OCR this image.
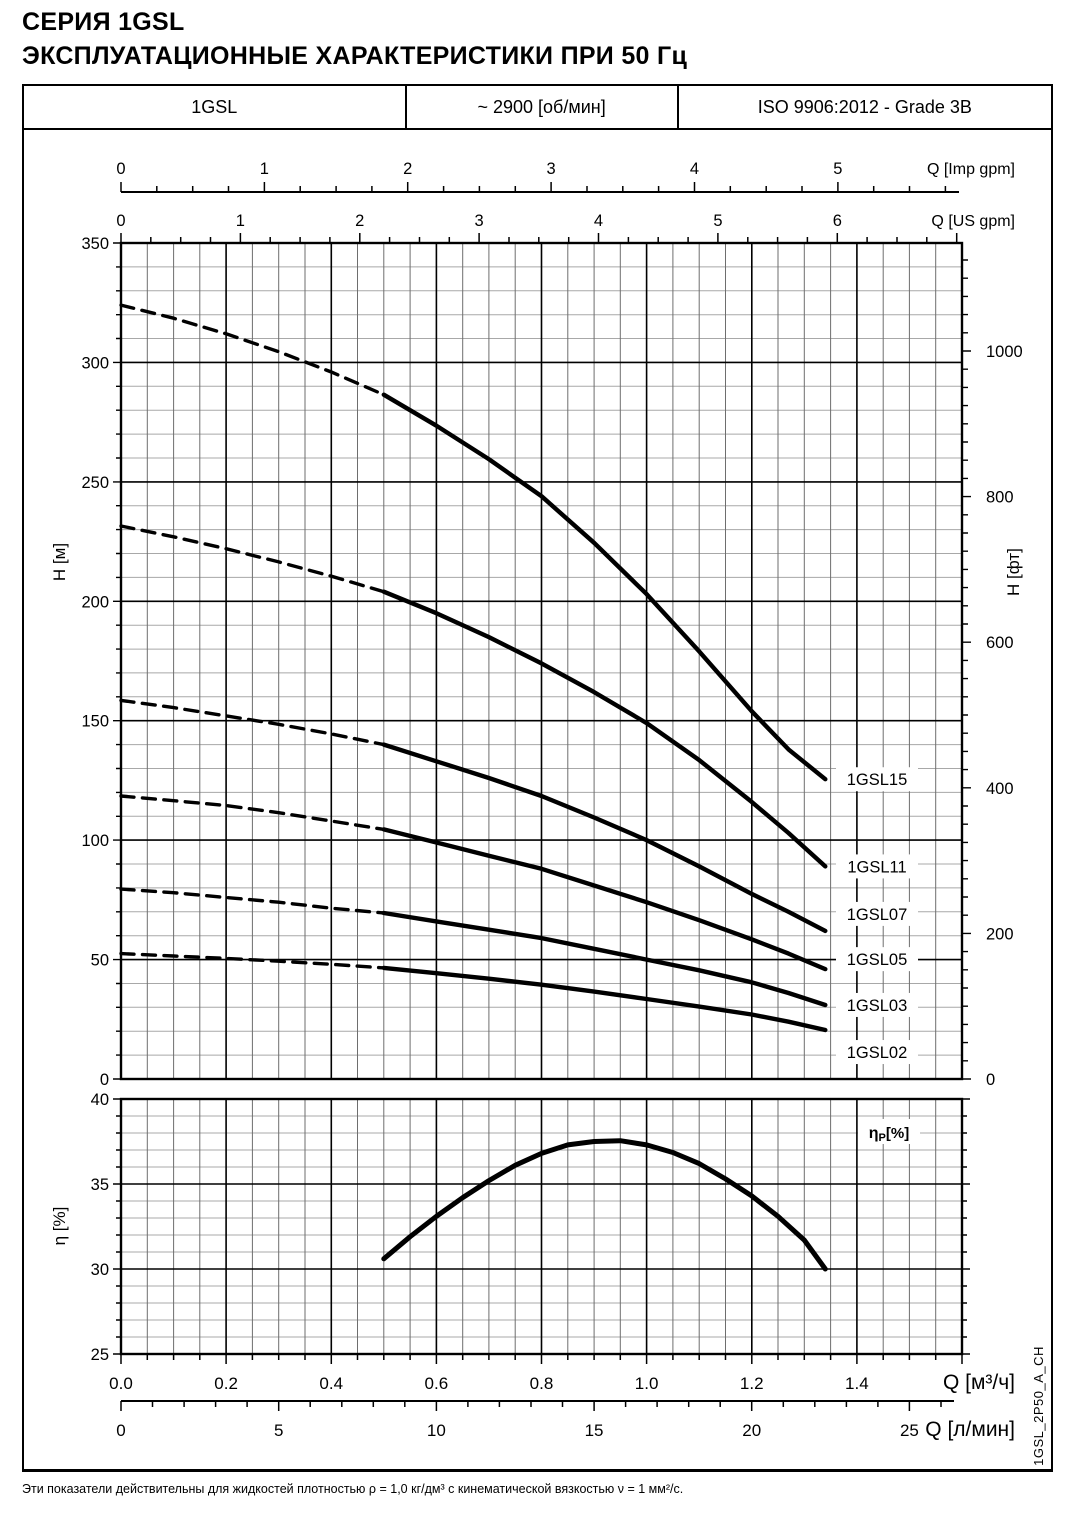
СЕРИЯ 1GSL
ЭКСПЛУАТАЦИОННЫЕ ХАРАКТЕРИСТИКИ ПРИ 50 Гц
1GSL	~ 2900 [об/мин]	ISO 9906:2012 - Grade 3B
0	1	2	3	4	5
0	1	2	3	4	5	6
350
300
250
200
150
100
50
0
1000
800
600
400
200
0
40
35
30
25
0.0	0.2	0.4	0.6	0.8	1.0	1.2	1.4
0	5	10	15	20	25
1GSL15
1GSL11
1GSL07
1GSL05
1GSL03
1GSL02
Q [Imp gpm]
Q [US gpm]
H [м]	H [фт]
η [%]
Q [м³/ч]
Q [л/мин]
ηP[%]
1GSL_2P50_A_CH
Эти показатели действительны для жидкостей плотностью ρ = 1,0 кг/дм³ с кинематической вязкостью ν = 1 мм²/с.
